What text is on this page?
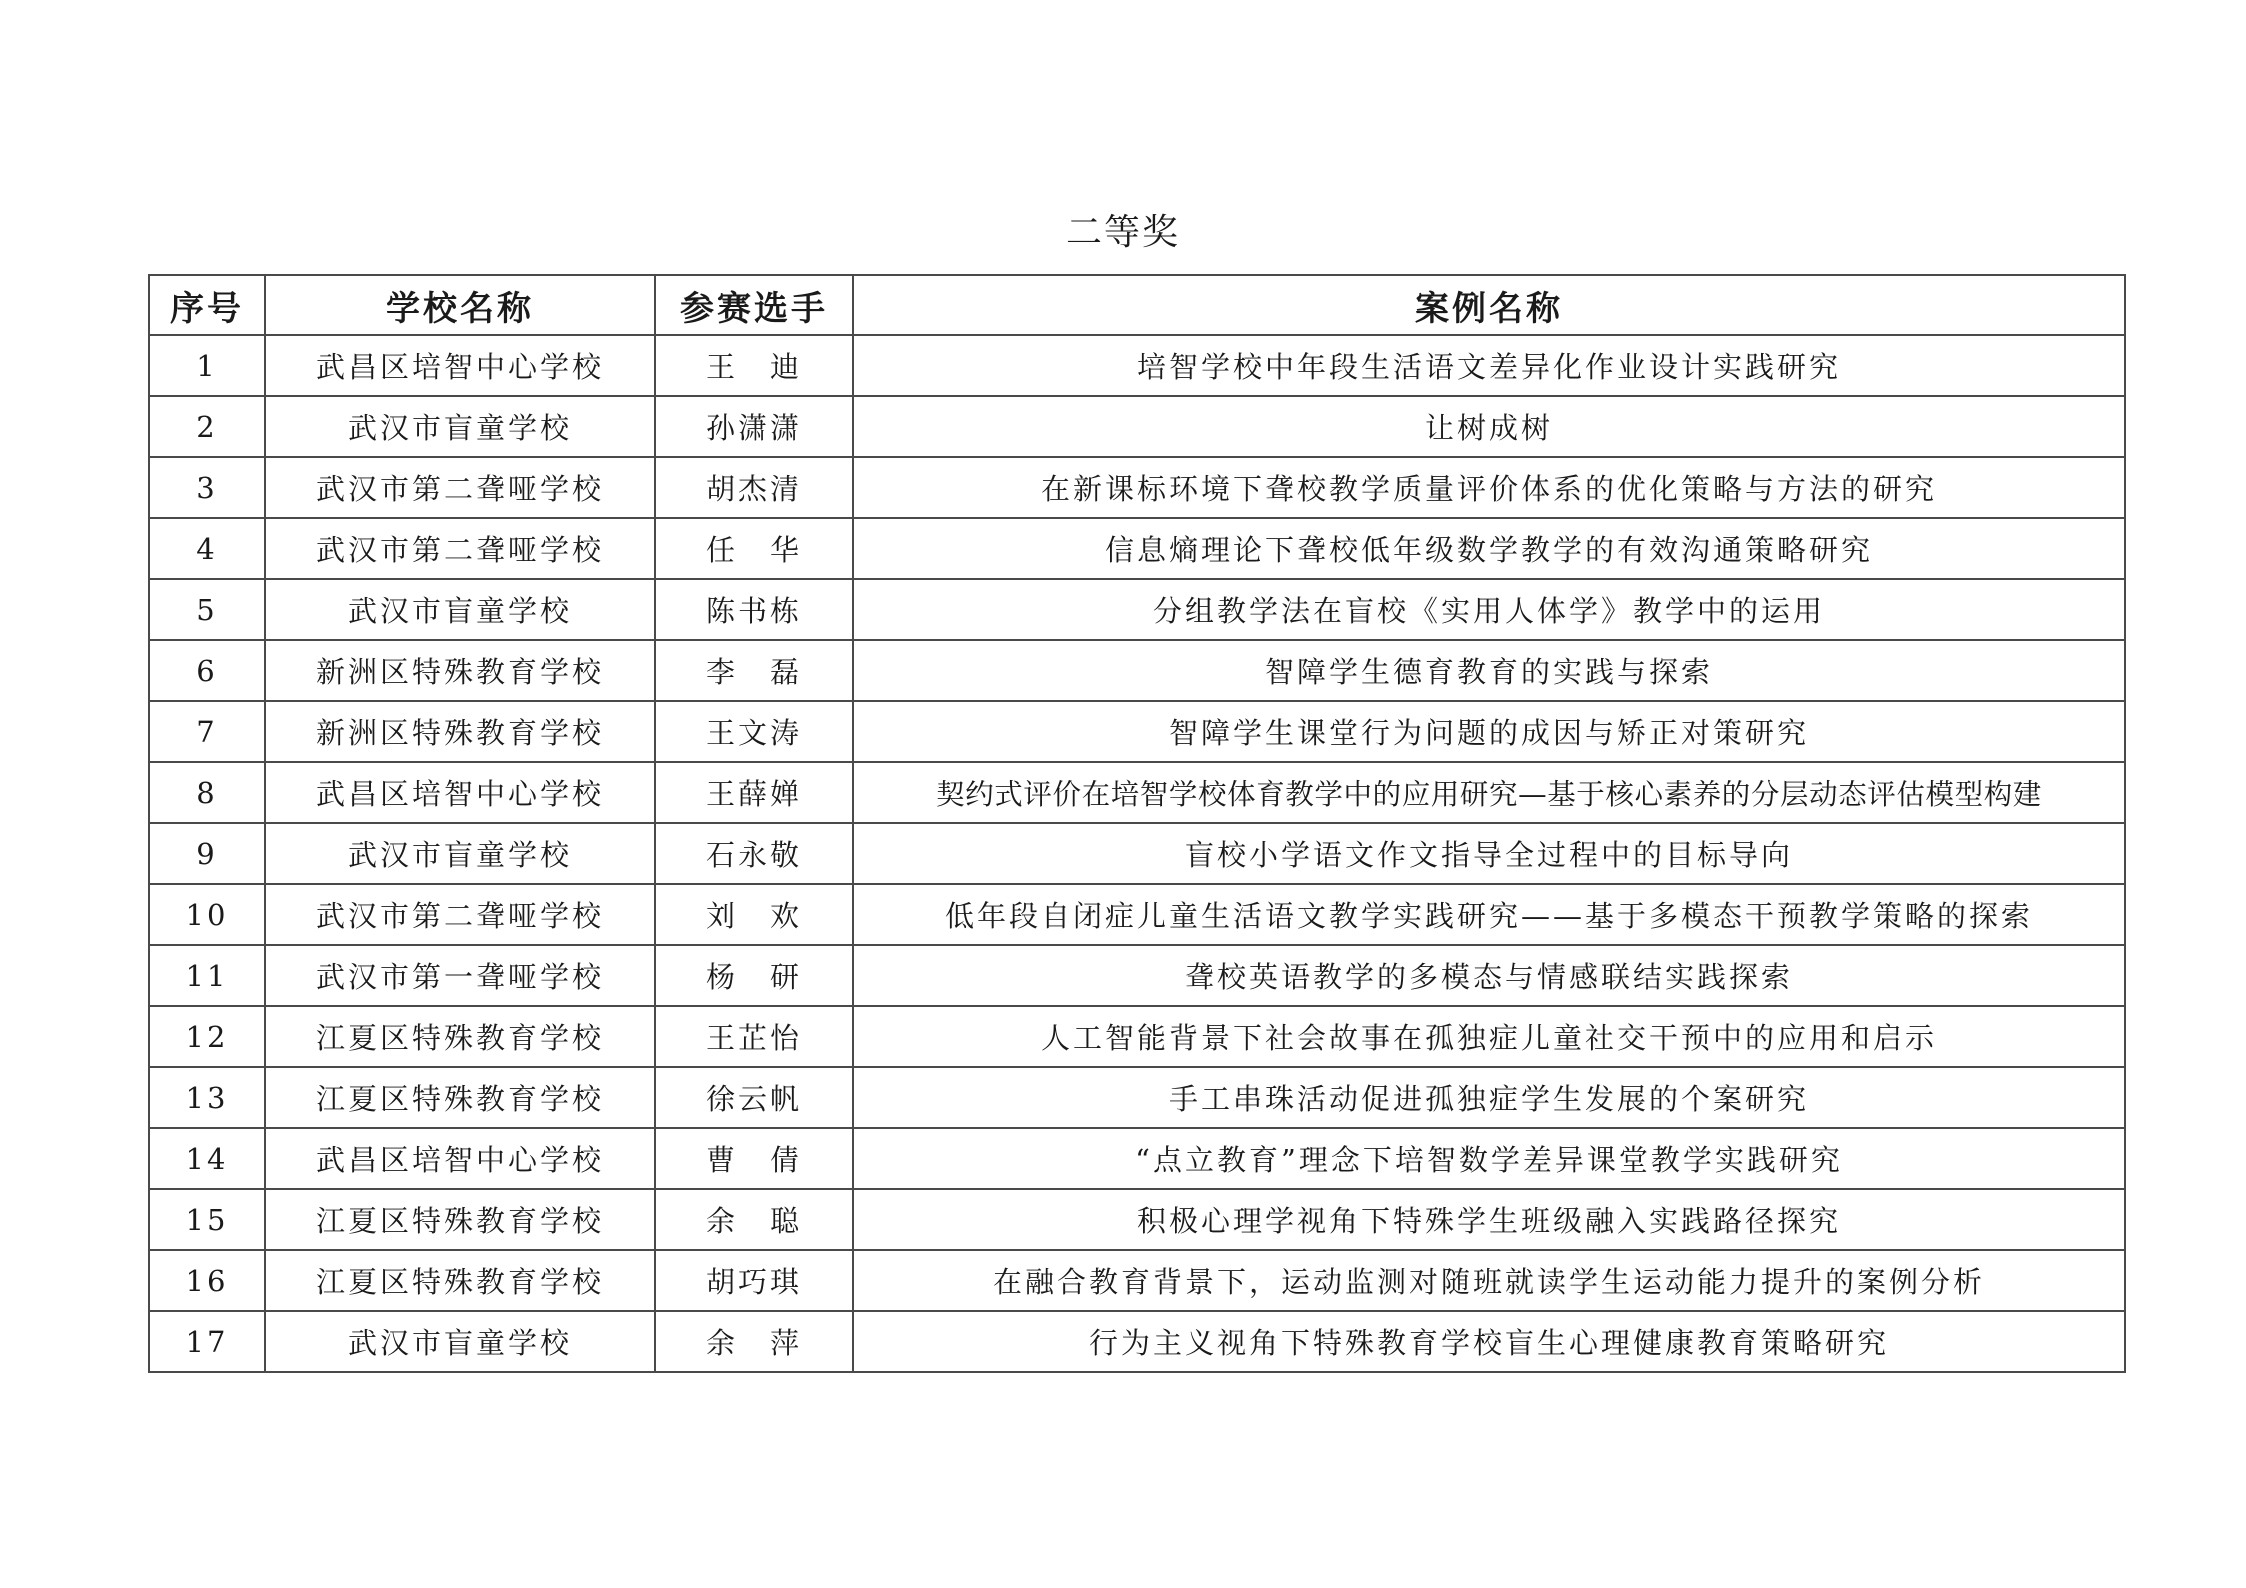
二等奖
序号	学校名称	参赛选手	案例名称
1	武昌区培智中心学校	王　迪	培智学校中年段生活语文差异化作业设计实践研究
2	武汉市盲童学校	孙潇潇	让树成树
3	武汉市第二聋哑学校	胡杰清	在新课标环境下聋校教学质量评价体系的优化策略与方法的研究
4	武汉市第二聋哑学校	任　华	信息熵理论下聋校低年级数学教学的有效沟通策略研究
5	武汉市盲童学校	陈书栋	分组教学法在盲校《实用人体学》教学中的运用
6	新洲区特殊教育学校	李　磊	智障学生德育教育的实践与探索
7	新洲区特殊教育学校	王文涛	智障学生课堂行为问题的成因与矫正对策研究
8	武昌区培智中心学校	王薛婵	契约式评价在培智学校体育教学中的应用研究—基于核心素养的分层动态评估模型构建
9	武汉市盲童学校	石永敬	盲校小学语文作文指导全过程中的目标导向
10	武汉市第二聋哑学校	刘　欢	低年段自闭症儿童生活语文教学实践研究——基于多模态干预教学策略的探索
11	武汉市第一聋哑学校	杨　研	聋校英语教学的多模态与情感联结实践探索
12	江夏区特殊教育学校	王芷怡	人工智能背景下社会故事在孤独症儿童社交干预中的应用和启示
13	江夏区特殊教育学校	徐云帆	手工串珠活动促进孤独症学生发展的个案研究
14	武昌区培智中心学校	曹　倩	“点立教育”理念下培智数学差异课堂教学实践研究
15	江夏区特殊教育学校	余　聪	积极心理学视角下特殊学生班级融入实践路径探究
16	江夏区特殊教育学校	胡巧琪	在融合教育背景下，运动监测对随班就读学生运动能力提升的案例分析
17	武汉市盲童学校	余　萍	行为主义视角下特殊教育学校盲生心理健康教育策略研究
